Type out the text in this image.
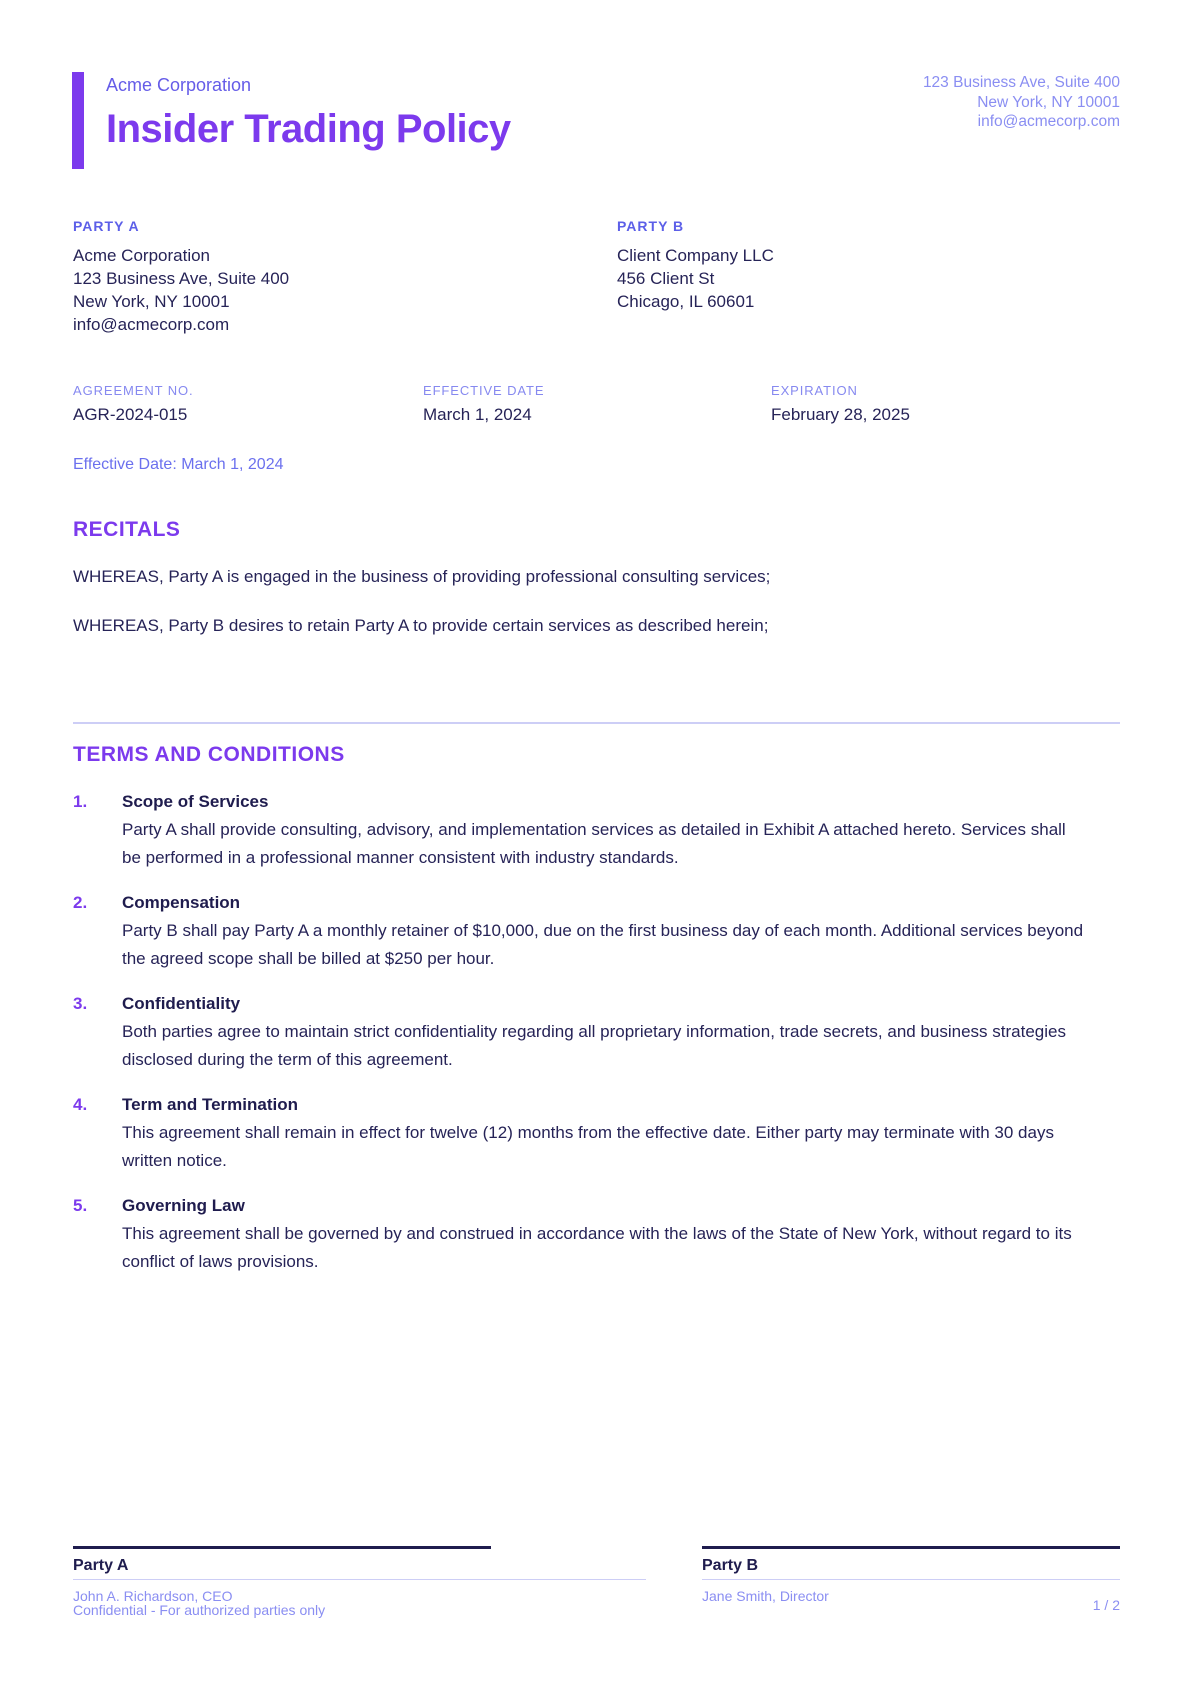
Acme Corporation
Insider Trading Policy
123 Business Ave, Suite 400
New York, NY 10001
info@acmecorp.com
PARTY A
Acme Corporation
123 Business Ave, Suite 400
New York, NY 10001
info@acmecorp.com
PARTY B
Client Company LLC
456 Client St
Chicago, IL 60601
AGREEMENT NO.
AGR-2024-015
EFFECTIVE DATE
March 1, 2024
EXPIRATION
February 28, 2025
Effective Date: March 1, 2024
RECITALS

WHEREAS, Party A is engaged in the business of providing professional consulting services;

WHEREAS, Party B desires to retain Party A to provide certain services as described herein;

TERMS AND CONDITIONS
1.	Scope of Services
Party A shall provide consulting, advisory, and implementation services as detailed in Exhibit A attached hereto. Services shall be performed in a professional manner consistent with industry standards.
2.	Compensation
Party B shall pay Party A a monthly retainer of $10,000, due on the first business day of each month. Additional services beyond the agreed scope shall be billed at $250 per hour.
3.	Confidentiality
Both parties agree to maintain strict confidentiality regarding all proprietary information, trade secrets, and business strategies disclosed during the term of this agreement.
4.	Term and Termination
This agreement shall remain in effect for twelve (12) months from the effective date. Either party may terminate with 30 days written notice.
5.	Governing Law
This agreement shall be governed by and construed in accordance with the laws of the State of New York, without regard to its conflict of laws provisions.
Party A
John A. Richardson, CEO
Party B
Jane Smith, Director
Confidential - For authorized parties only	1 / 2
